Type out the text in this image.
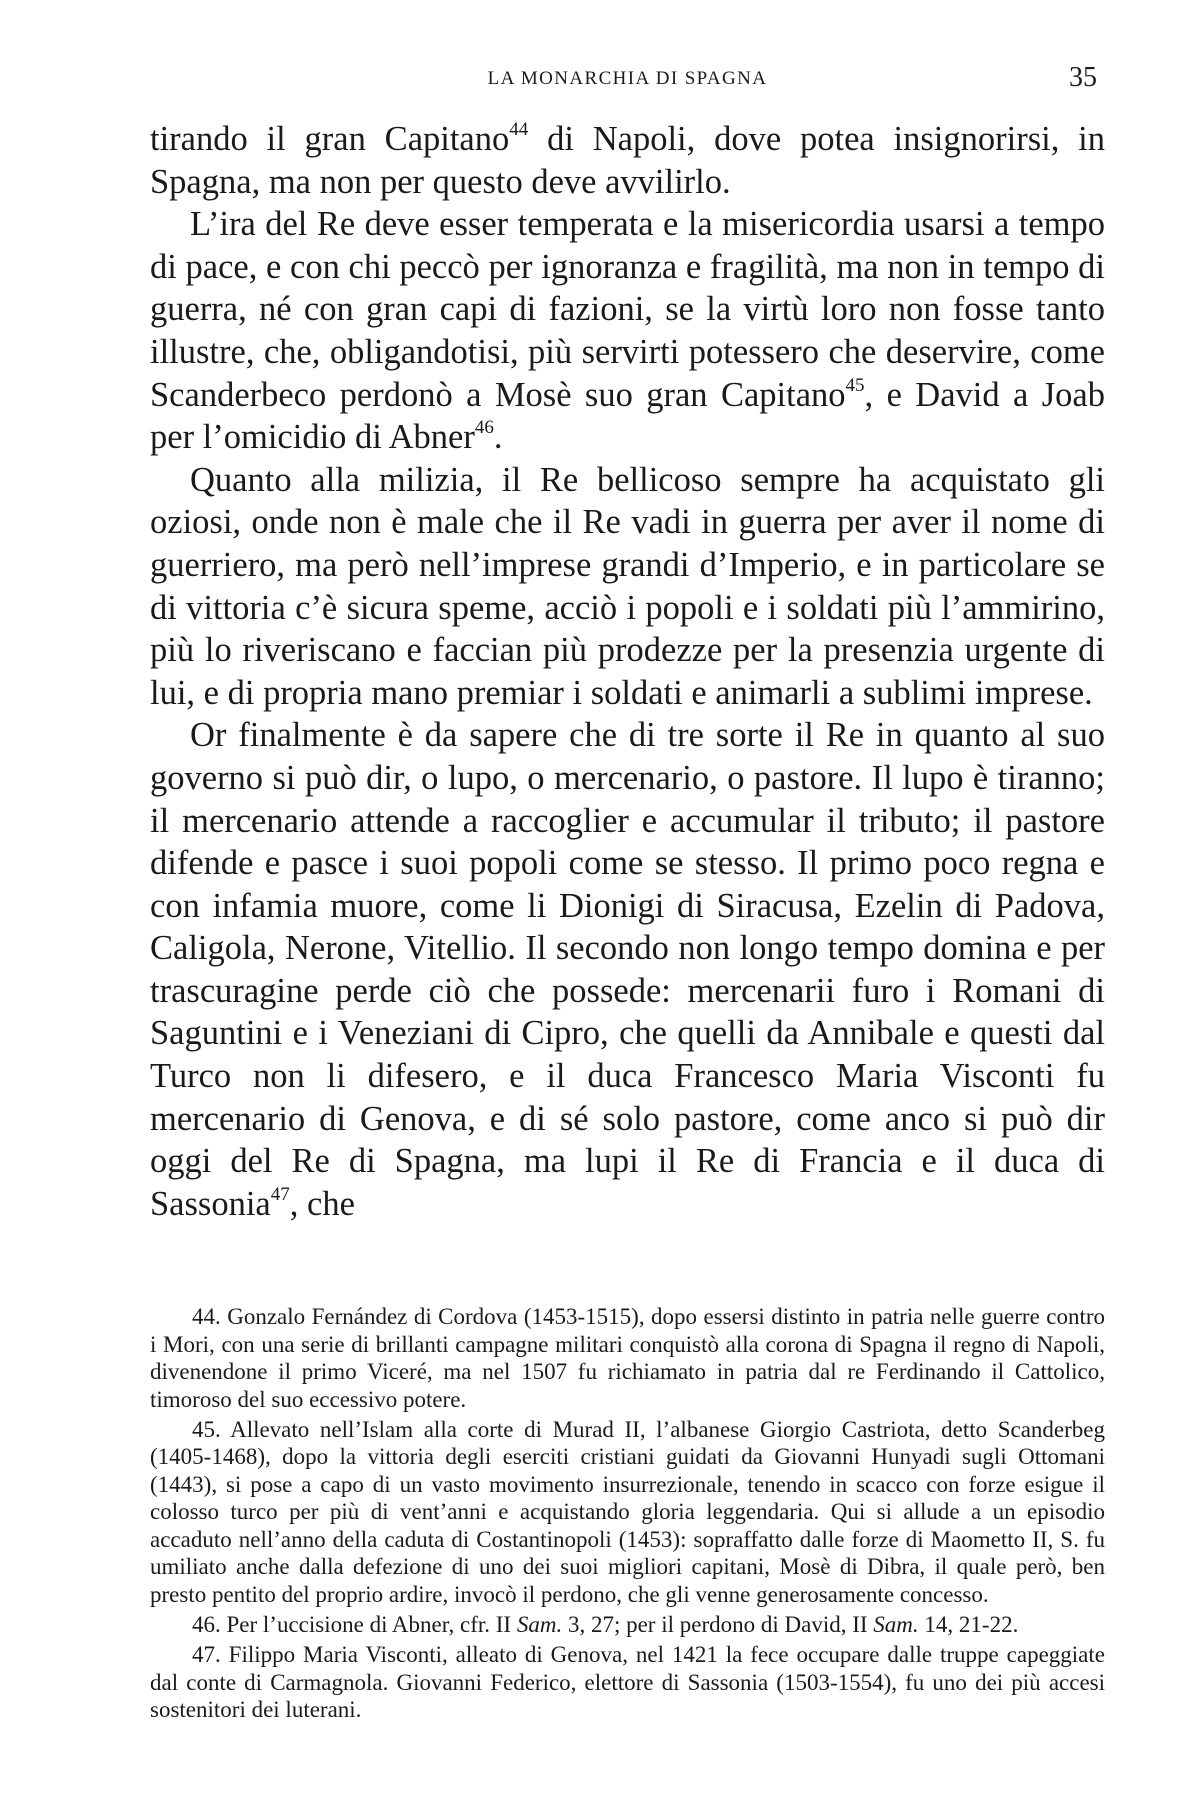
LA MONARCHIA DI SPAGNA	35

tirando il gran Capitano$^{44}$ di Napoli, dove potea insignorirsi, in Spagna, ma non per questo deve avvilirlo.

L’ira del Re deve esser temperata e la misericordia usarsi a tempo di pace, e con chi peccò per ignoranza e fragilità, ma non in tempo di guerra, né con gran capi di fazioni, se la virtù loro non fosse tanto illustre, che, obligandotisi, più servirti potessero che deservire, come Scanderbeco perdonò a Mosè suo gran Capitano$^{45}$, e David a Joab per l’omicidio di Abner$^{46}$.

Quanto alla milizia, il Re bellicoso sempre ha acquistato gli oziosi, onde non è male che il Re vadi in guerra per aver il nome di guerriero, ma però nell’imprese grandi d’Imperio, e in particolare se di vittoria c’è sicura speme, acciò i popoli e i soldati più l’ammirino, più lo riveriscano e faccian più prodezze per la presenzia urgente di lui, e di propria mano premiar i soldati e animarli a sublimi imprese.

Or finalmente è da sapere che di tre sorte il Re in quanto al suo governo si può dir, o lupo, o mercenario, o pastore. Il lupo è tiranno; il mercenario attende a raccoglier e accumular il tributo; il pastore difende e pasce i suoi popoli come se stesso. Il primo poco regna e con infamia muore, come li Dionigi di Siracusa, Ezelin di Padova, Caligola, Nerone, Vitellio. Il secondo non longo tempo domina e per trascuragine perde ciò che possede: mercenarii furo i Romani di Saguntini e i Veneziani di Cipro, che quelli da Annibale e questi dal Turco non li difesero, e il duca Francesco Maria Visconti fu mercenario di Genova, e di sé solo pastore, come anco si può dir oggi del Re di Spagna, ma lupi il Re di Francia e il duca di Sassonia$^{47}$, che

44. Gonzalo Fernández di Cordova (1453-1515), dopo essersi distinto in patria nelle guerre contro i Mori, con una serie di brillanti campagne militari conquistò alla corona di Spagna il regno di Napoli, divenendone il primo Viceré, ma nel 1507 fu richiamato in patria dal re Ferdinando il Cattolico, timoroso del suo eccessivo potere.

45. Allevato nell’Islam alla corte di Murad II, l’albanese Giorgio Castriota, detto Scanderbeg (1405-1468), dopo la vittoria degli eserciti cristiani guidati da Giovanni Hunyadi sugli Ottomani (1443), si pose a capo di un vasto movimento insurrezionale, tenendo in scacco con forze esigue il colosso turco per più di vent’anni e acquistando gloria leggendaria. Qui si allude a un episodio accaduto nell’anno della caduta di Costantinopoli (1453): sopraffatto dalle forze di Maometto II, S. fu umiliato anche dalla defezione di uno dei suoi migliori capitani, Mosè di Dibra, il quale però, ben presto pentito del proprio ardire, invocò il perdono, che gli venne generosamente concesso.

46. Per l’uccisione di Abner, cfr. II Sam. 3, 27; per il perdono di David, II Sam. 14, 21-22.

47. Filippo Maria Visconti, alleato di Genova, nel 1421 la fece occupare dalle truppe capeggiate dal conte di Carmagnola. Giovanni Federico, elettore di Sassonia (1503-1554), fu uno dei più accesi sostenitori dei luterani.
